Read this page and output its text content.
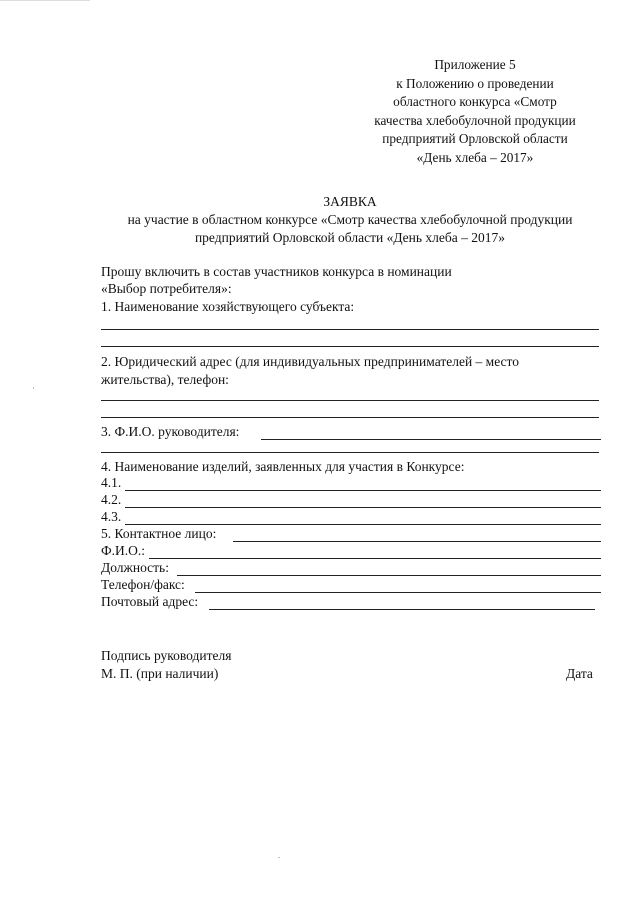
Приложение 5
к Положению о проведении
областного конкурса «Смотр
качества хлебобулочной продукции
предприятий Орловской области
«День хлеба – 2017»
ЗАЯВКА
на участие в областном конкурсе «Смотр качества хлебобулочной продукции
предприятий Орловской области «День хлеба – 2017»
Прошу включить в состав участников конкурса в номинации
«Выбор потребителя»:
1. Наименование хозяйствующего субъекта:
2. Юридический адрес (для индивидуальных предпринимателей – место
жительства), телефон:
3. Ф.И.О. руководителя:
4. Наименование изделий, заявленных для участия в Конкурсе:
4.1.
4.2.
4.3.
5. Контактное лицо:
Ф.И.О.:
Должность:
Телефон/факс:
Почтовый адрес:
Подпись руководителя
М. П. (при наличии)	Дата
